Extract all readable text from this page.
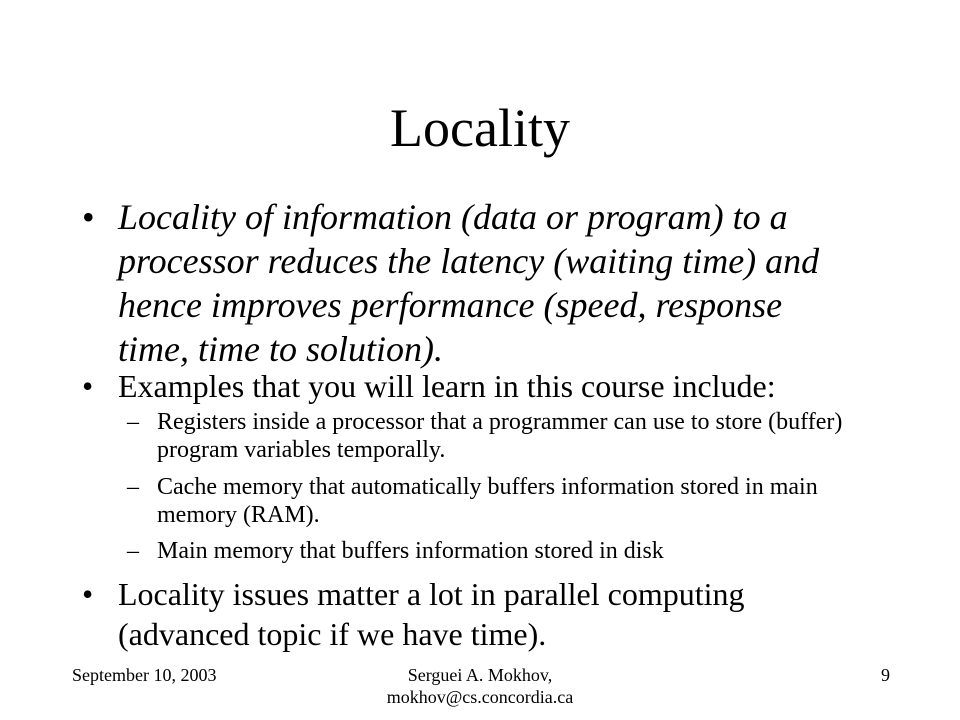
Locality
• Locality of information (data or program) to a processor reduces the latency (waiting time) and hence improves performance (speed, response time, time to solution).
• Examples that you will learn in this course include:
– Registers inside a processor that a programmer can use to store (buffer) program variables temporally.
– Cache memory that automatically buffers information stored in main memory (RAM).
– Main memory that buffers information stored in disk
• Locality issues matter a lot in parallel computing (advanced topic if we have time).
September 10, 2003	Serguei A. Mokhov,
mokhov@cs.concordia.ca
9
